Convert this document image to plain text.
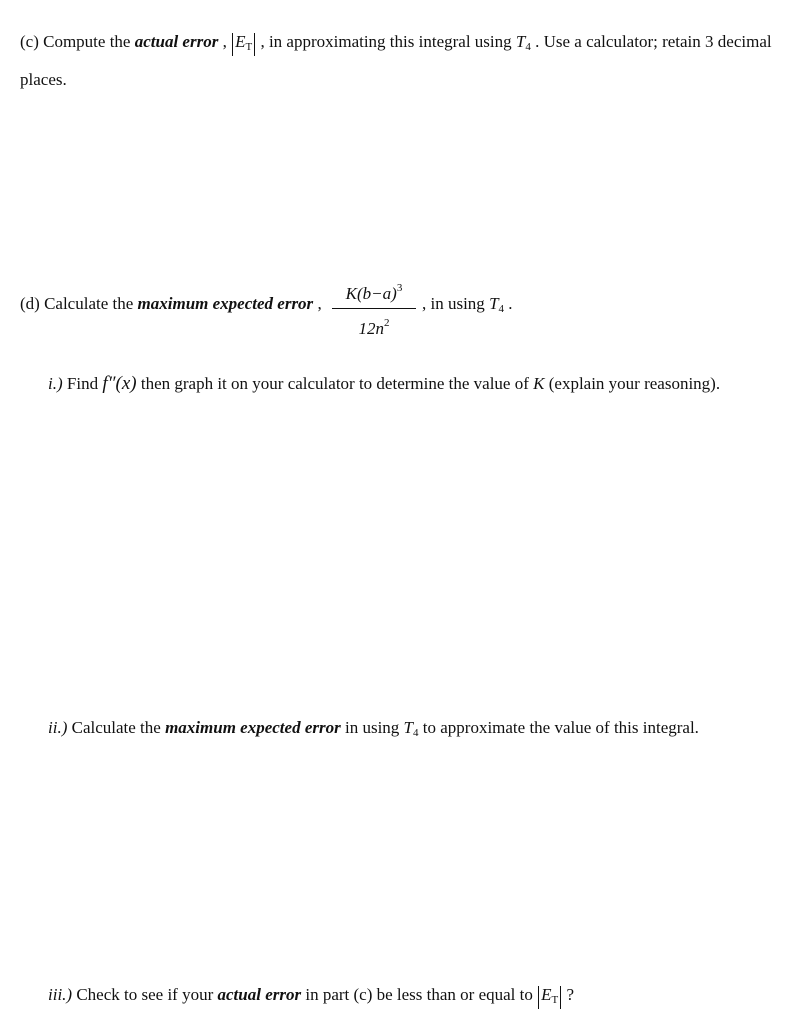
(c) Compute the actual error , $E_T$ , in approximating this integral using $T_4$ . Use a calculator; retain 3 decimal
places.
(d) Calculate the maximum expected error ,
$K(b-a)^3$
$12n^2$
, in using $T_4$ .
i.) Find f″(x) then graph it on your calculator to determine the value of K (explain your reasoning).
ii.) Calculate the maximum expected error in using $T_4$ to approximate the value of this integral.
iii.) Check to see if your actual error in part (c) be less than or equal to $E_T$ ?
